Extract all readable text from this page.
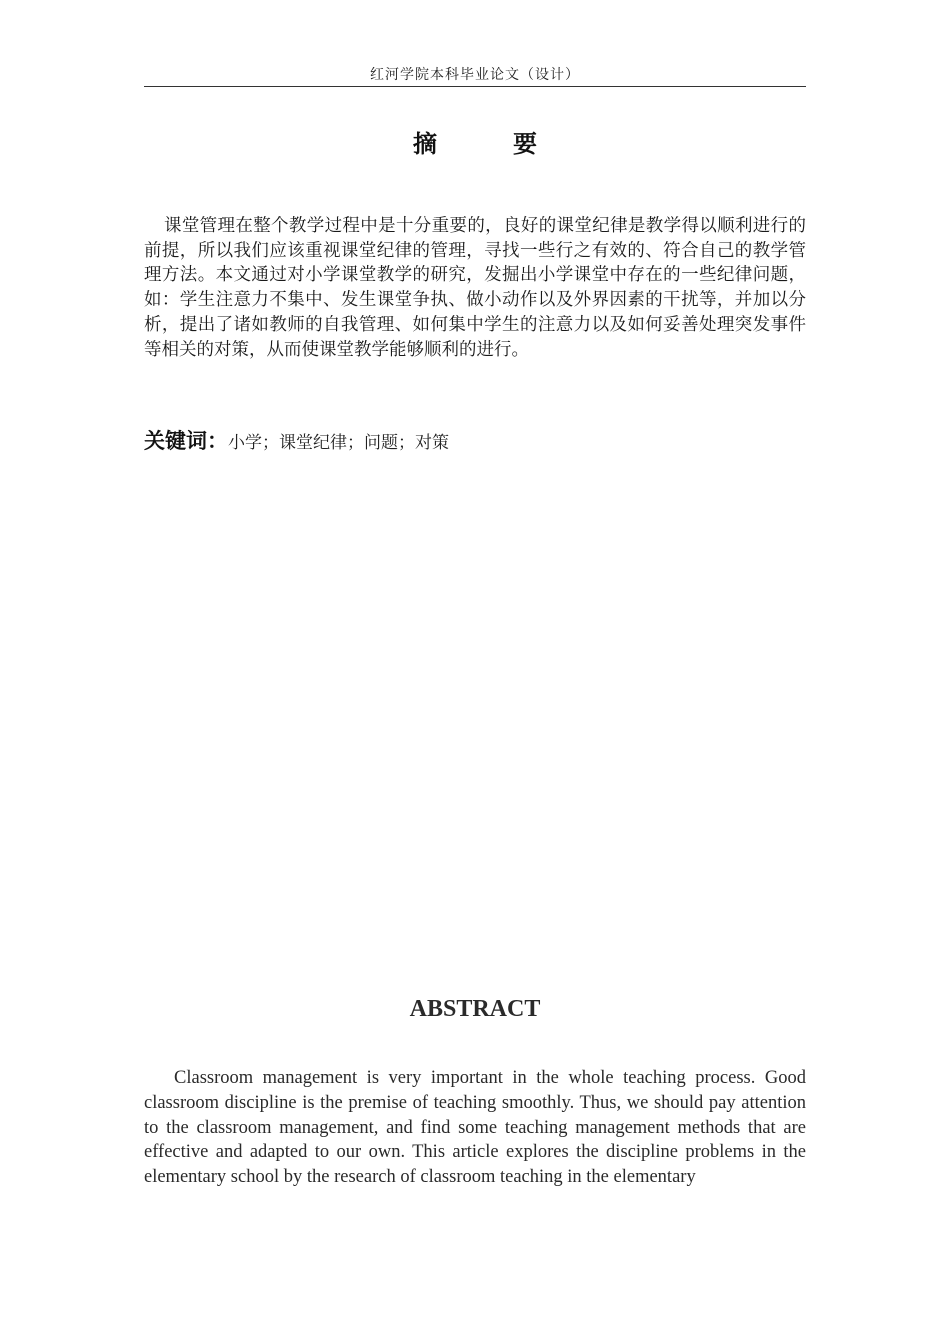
红河学院本科毕业论文（设计）
摘　要

课堂管理在整个教学过程中是十分重要的，良好的课堂纪律是教学得以顺利进行的前提，所以我们应该重视课堂纪律的管理，寻找一些行之有效的、符合自己的教学管理方法。本文通过对小学课堂教学的研究，发掘出小学课堂中存在的一些纪律问题，如：学生注意力不集中、发生课堂争执、做小动作以及外界因素的干扰等，并加以分析，提出了诸如教师的自我管理、如何集中学生的注意力以及如何妥善处理突发事件等相关的对策，从而使课堂教学能够顺利的进行。

关键词：小学；课堂纪律；问题；对策
ABSTRACT

Classroom management is very important in the whole teaching process. Good classroom discipline is the premise of teaching smoothly. Thus, we should pay attention to the classroom management, and find some teaching management methods that are effective and adapted to our own. This article explores the discipline problems in the elementary school by the research of classroom teaching in the elementary
